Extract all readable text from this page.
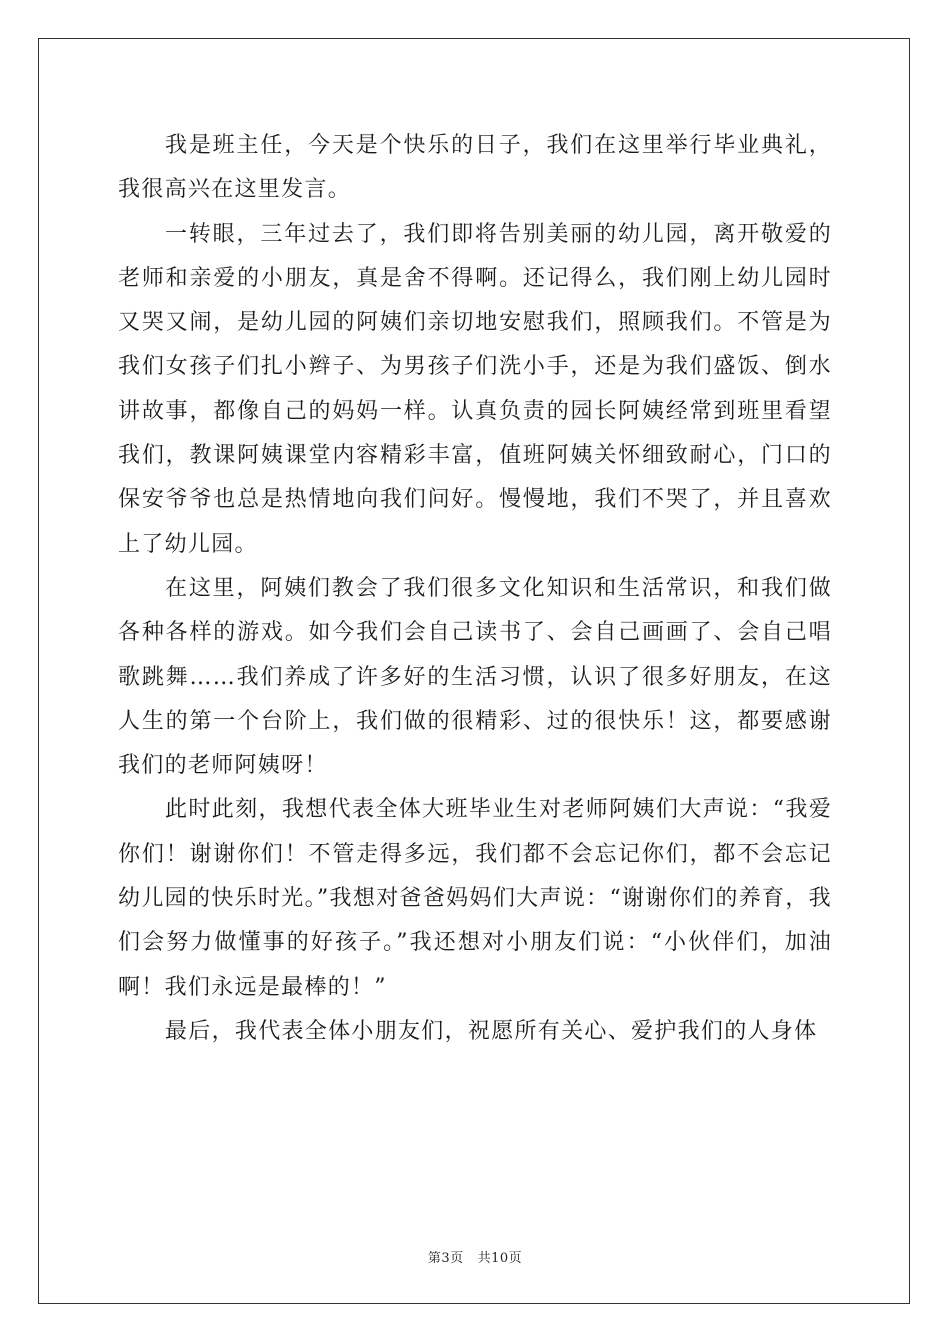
我是班主任，今天是个快乐的日子，我们在这里举行毕业典礼，我很高兴在这里发言。

一转眼，三年过去了，我们即将告别美丽的幼儿园，离开敬爱的老师和亲爱的小朋友，真是舍不得啊。还记得么，我们刚上幼儿园时又哭又闹，是幼儿园的阿姨们亲切地安慰我们，照顾我们。不管是为我们女孩子们扎小辫子、为男孩子们洗小手，还是为我们盛饭、倒水讲故事，都像自己的妈妈一样。认真负责的园长阿姨经常到班里看望我们，教课阿姨课堂内容精彩丰富，值班阿姨关怀细致耐心，门口的保安爷爷也总是热情地向我们问好。慢慢地，我们不哭了，并且喜欢上了幼儿园。

在这里，阿姨们教会了我们很多文化知识和生活常识，和我们做各种各样的游戏。如今我们会自己读书了、会自己画画了、会自己唱歌跳舞……我们养成了许多好的生活习惯，认识了很多好朋友，在这人生的第一个台阶上，我们做的很精彩、过的很快乐！这，都要感谢我们的老师阿姨呀！

此时此刻，我想代表全体大班毕业生对老师阿姨们大声说：“我爱你们！谢谢你们！不管走得多远，我们都不会忘记你们，都不会忘记幼儿园的快乐时光。”我想对爸爸妈妈们大声说：“谢谢你们的养育，我们会努力做懂事的好孩子。”我还想对小朋友们说：“小伙伴们，加油啊！我们永远是最棒的！”

最后，我代表全体小朋友们，祝愿所有关心、爱护我们的人身体

第3页 共10页
